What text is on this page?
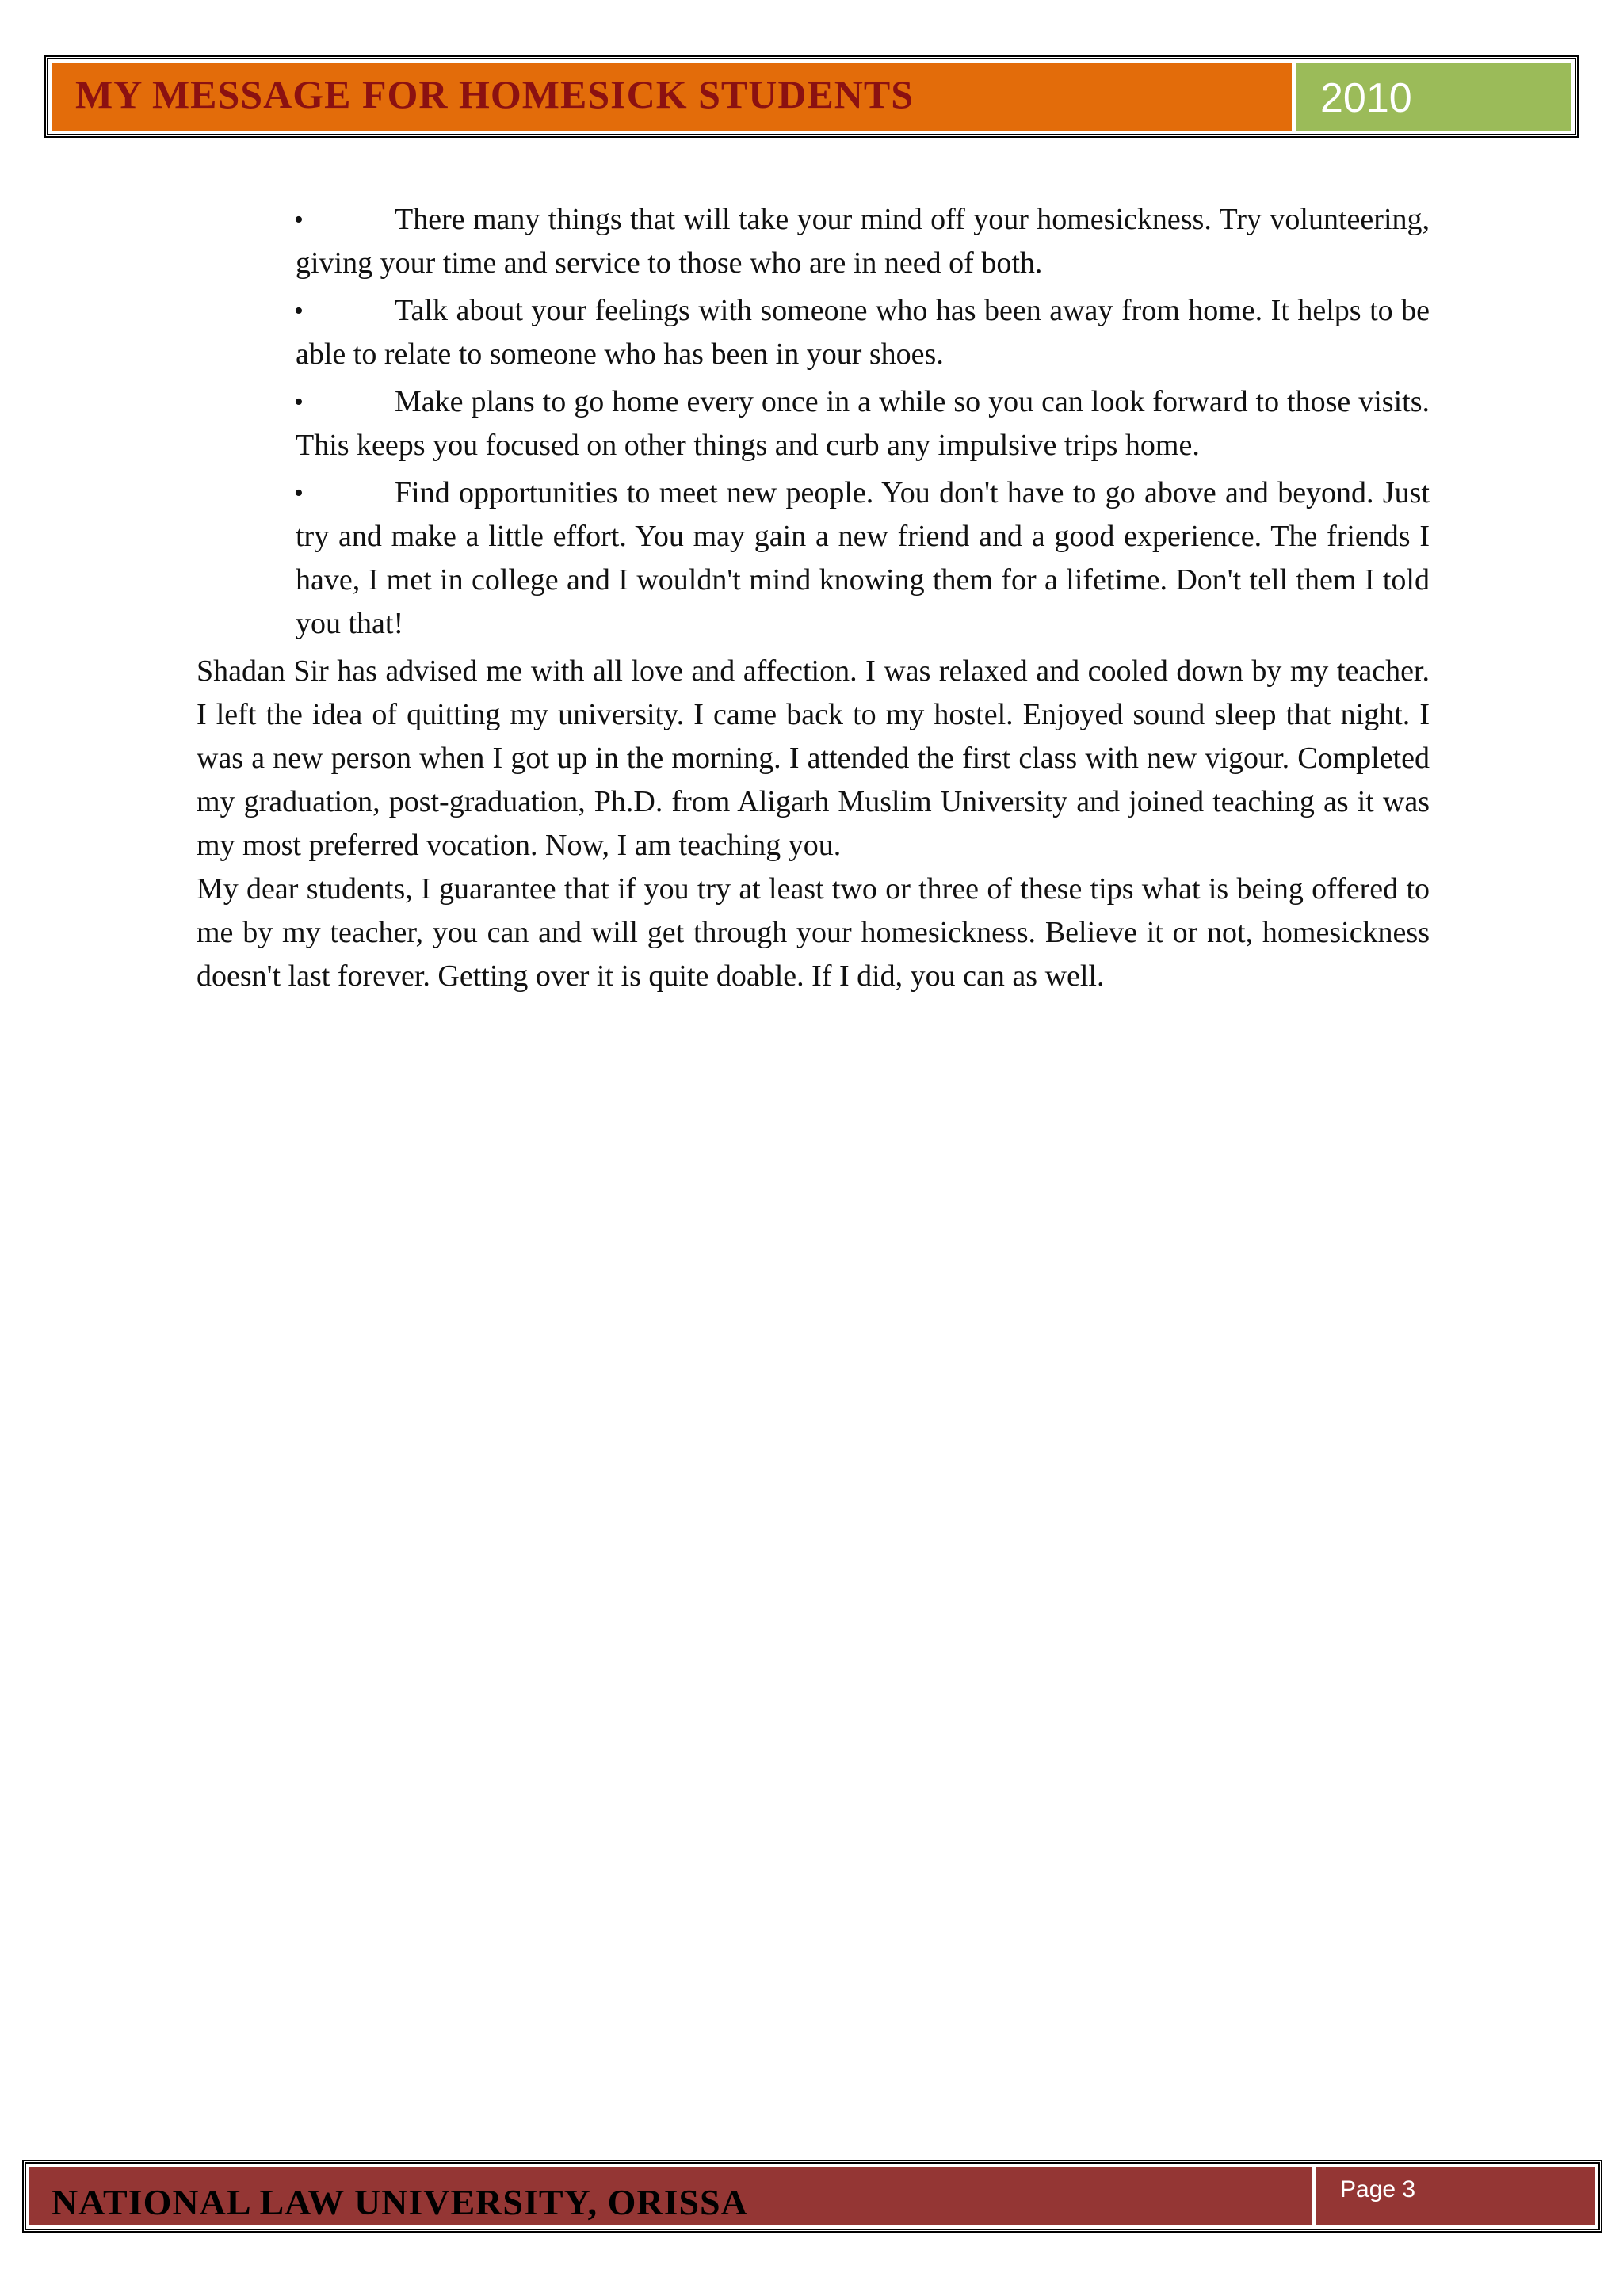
MY MESSAGE FOR HOMESICK STUDENTS	2010
•	There many things that will take your mind off your homesickness. Try volunteering, giving your time and service to those who are in need of both.
•	Talk about your feelings with someone who has been away from home. It helps to be able to relate to someone who has been in your shoes.
•	Make plans to go home every once in a while so you can look forward to those visits. This keeps you focused on other things and curb any impulsive trips home.
•	Find opportunities to meet new people. You don't have to go above and beyond. Just try and make a little effort. You may gain a new friend and a good experience. The friends I have, I met in college and I wouldn't mind knowing them for a lifetime. Don't tell them I told you that!

Shadan Sir has advised me with all love and affection. I was relaxed and cooled down by my teacher. I left the idea of quitting my university. I came back to my hostel. Enjoyed sound sleep that night. I was a new person when I got up in the morning. I attended the first class with new vigour. Completed my graduation, post-graduation, Ph.D. from Aligarh Muslim University and joined teaching as it was my most preferred vocation. Now, I am teaching you.

My dear students, I guarantee that if you try at least two or three of these tips what is being offered to me by my teacher, you can and will get through your homesickness. Believe it or not, homesickness doesn't last forever. Getting over it is quite doable. If I did, you can as well.

NATIONAL LAW UNIVERSITY, ORISSA	Page 3
